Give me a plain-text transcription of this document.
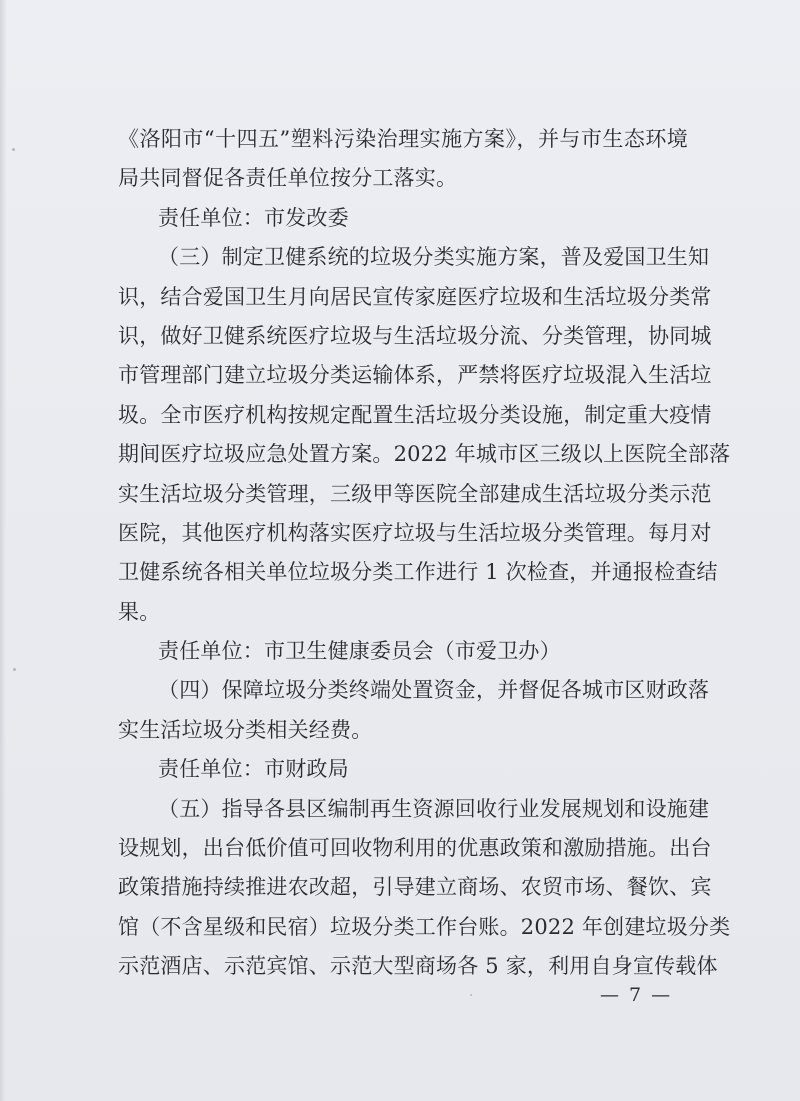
《洛阳市“十四五”塑料污染治理实施方案》，并与市生态环境
局共同督促各责任单位按分工落实。
责任单位：市发改委
（三）制定卫健系统的垃圾分类实施方案，普及爱国卫生知
识，结合爱国卫生月向居民宣传家庭医疗垃圾和生活垃圾分类常
识，做好卫健系统医疗垃圾与生活垃圾分流、分类管理，协同城
市管理部门建立垃圾分类运输体系，严禁将医疗垃圾混入生活垃
圾。全市医疗机构按规定配置生活垃圾分类设施，制定重大疫情
期间医疗垃圾应急处置方案。2022 年城市区三级以上医院全部落
实生活垃圾分类管理，三级甲等医院全部建成生活垃圾分类示范
医院，其他医疗机构落实医疗垃圾与生活垃圾分类管理。每月对
卫健系统各相关单位垃圾分类工作进行 1 次检查，并通报检查结
果。
责任单位：市卫生健康委员会（市爱卫办）
（四）保障垃圾分类终端处置资金，并督促各城市区财政落
实生活垃圾分类相关经费。
责任单位：市财政局
（五）指导各县区编制再生资源回收行业发展规划和设施建
设规划，出台低价值可回收物利用的优惠政策和激励措施。出台
政策措施持续推进农改超，引导建立商场、农贸市场、餐饮、宾
馆（不含星级和民宿）垃圾分类工作台账。2022 年创建垃圾分类
示范酒店、示范宾馆、示范大型商场各 5 家，利用自身宣传载体
— 7 —
